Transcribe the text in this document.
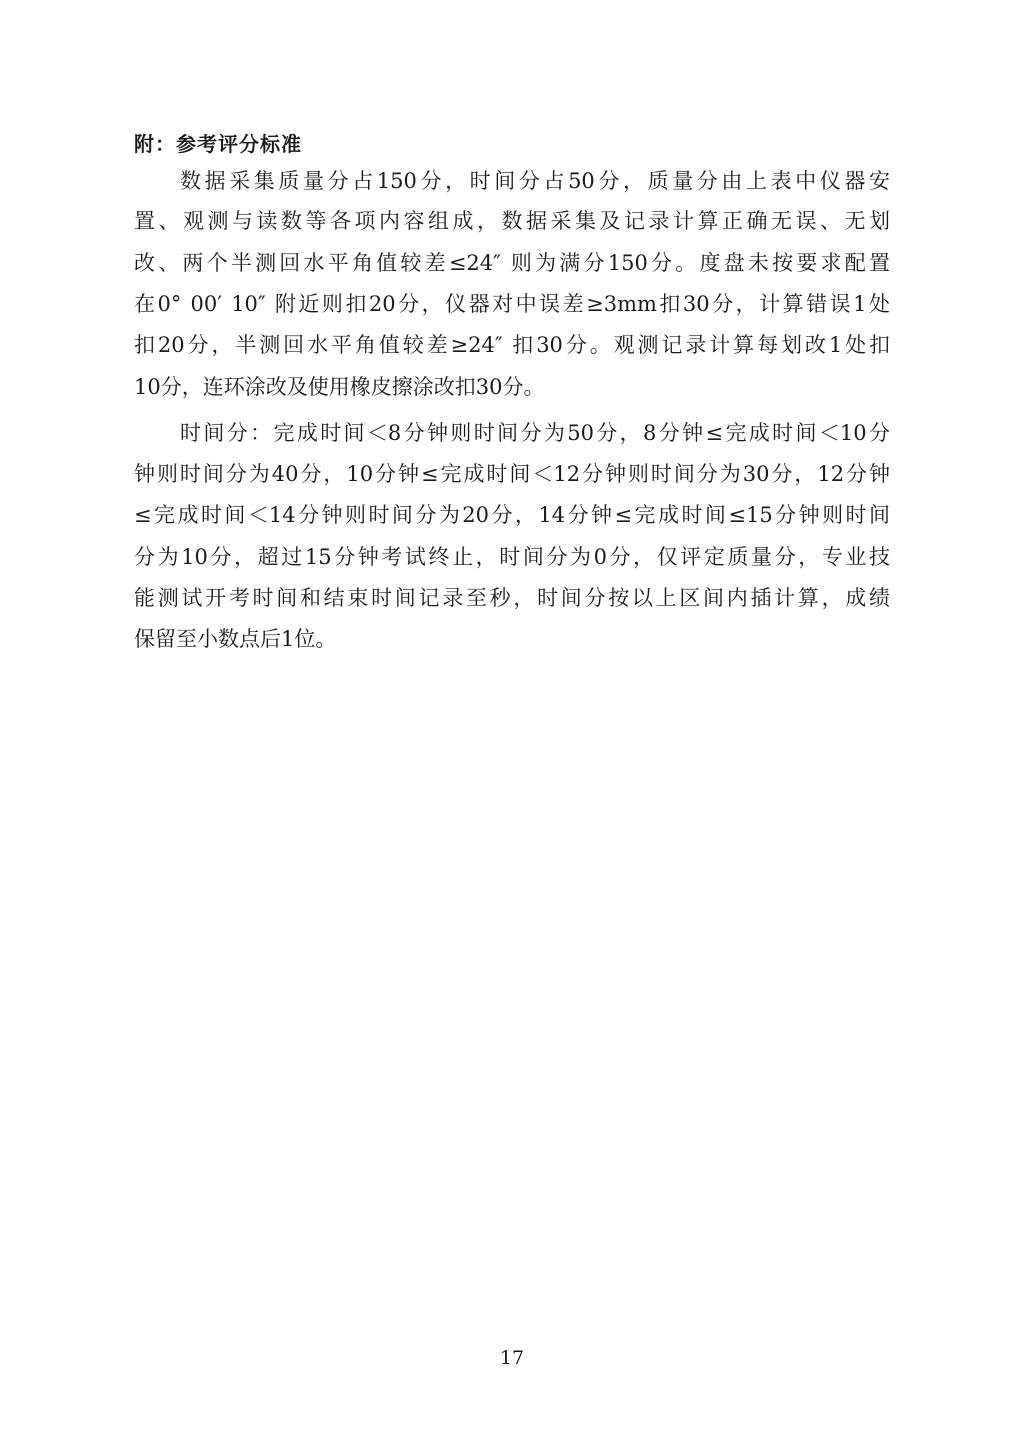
附：参考评分标准
数据采集质量分占150分，时间分占50分，质量分由上表中仪器安
置、观测与读数等各项内容组成，数据采集及记录计算正确无误、无划
改、两个半测回水平角值较差≤24″ 则为满分150分。度盘未按要求配置
在0° 00′ 10″ 附近则扣20分，仪器对中误差≥3mm扣30分，计算错误1处
扣20分，半测回水平角值较差≥24″ 扣30分。观测记录计算每划改1处扣
10分，连环涂改及使用橡皮擦涂改扣30分。
时间分：完成时间＜8分钟则时间分为50分，8分钟≤完成时间＜10分
钟则时间分为40分，10分钟≤完成时间＜12分钟则时间分为30分，12分钟
≤完成时间＜14分钟则时间分为20分，14分钟≤完成时间≤15分钟则时间
分为10分，超过15分钟考试终止，时间分为0分，仅评定质量分，专业技
能测试开考时间和结束时间记录至秒，时间分按以上区间内插计算，成绩
保留至小数点后1位。
17
